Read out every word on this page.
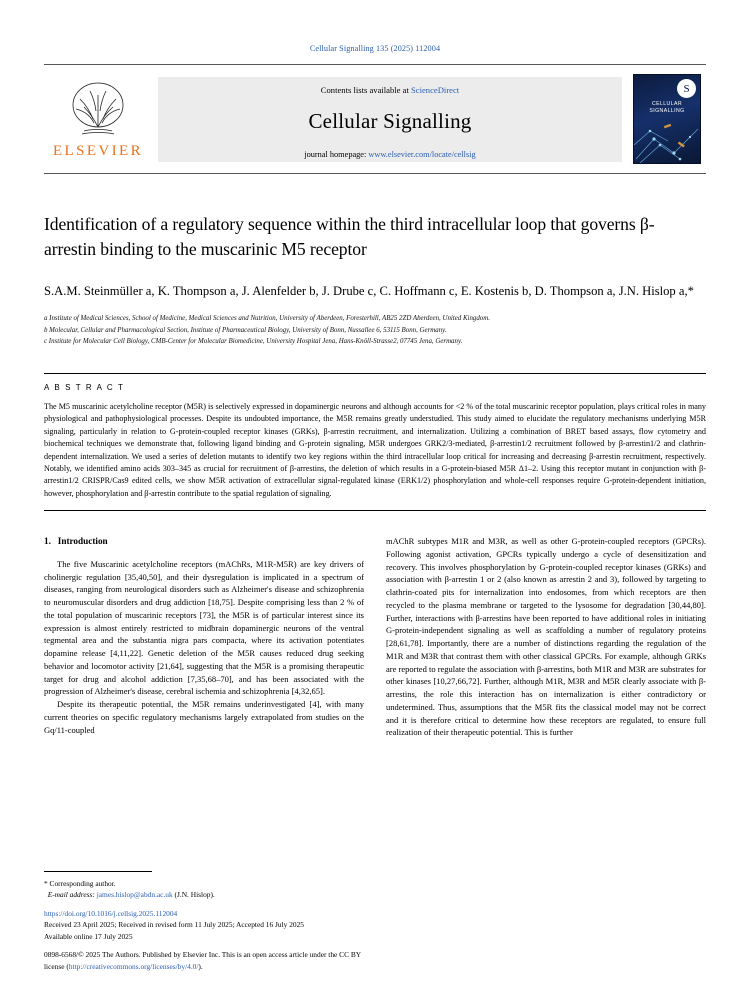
Cellular Signalling 135 (2025) 112004
ELSEVIER
Contents lists available at ScienceDirect
Cellular Signalling
journal homepage: www.elsevier.com/locate/cellsig
S
CELLULAR SIGNALLING
Identification of a regulatory sequence within the third intracellular loop that governs β-arrestin binding to the muscarinic M5 receptor
S.A.M. Steinmüller a, K. Thompson a, J. Alenfelder b, J. Drube c, C. Hoffmann c, E. Kostenis b, D. Thompson a, J.N. Hislop a,*
a Institute of Medical Sciences, School of Medicine, Medical Sciences and Nutrition, University of Aberdeen, Foresterhill, AB25 2ZD Aberdeen, United Kingdom.
b Molecular, Cellular and Pharmacological Section, Institute of Pharmaceutical Biology, University of Bonn, Nussallee 6, 53115 Bonn, Germany.
c Institute for Molecular Cell Biology, CMB-Center for Molecular Biomedicine, University Hospital Jena, Hans-Knöll-Strasse2, 07745 Jena, Germany.
A B S T R A C T
The M5 muscarinic acetylcholine receptor (M5R) is selectively expressed in dopaminergic neurons and although accounts for <2 % of the total muscarinic receptor population, plays critical roles in many physiological and pathophysiological processes. Despite its undoubted importance, the M5R remains greatly understudied. This study aimed to elucidate the regulatory mechanisms underlying M5R signaling, particularly in relation to G-protein-coupled receptor kinases (GRKs), β-arrestin recruitment, and internalization. Utilizing a combination of BRET based assays, flow cytometry and biochemical techniques we demonstrate that, following ligand binding and G-protein signaling, M5R undergoes GRK2/3-mediated, β-arrestin1/2 recruitment followed by β-arrestin1/2 and clathrin-dependent internalization. We used a series of deletion mutants to identify two key regions within the third intracellular loop critical for increasing and decreasing β-arrestin recruitment, respectively. Notably, we identified amino acids 303–345 as crucial for recruitment of β-arrestins, the deletion of which results in a G-protein-biased M5R Δ1–2. Using this receptor mutant in conjunction with β-arrestin1/2 CRISPR/Cas9 edited cells, we show M5R activation of extracellular signal-regulated kinase (ERK1/2) phosphorylation and whole-cell responses require G-protein-dependent initiation, however, phosphorylation and β-arrestin contribute to the spatial regulation of signaling.
1. Introduction

The five Muscarinic acetylcholine receptors (mAChRs, M1R-M5R) are key drivers of cholinergic regulation [35,40,50], and their dysregulation is implicated in a spectrum of diseases, ranging from neurological disorders such as Alzheimer's disease and schizophrenia to neuromuscular disorders and drug addiction [18,75]. Despite comprising less than 2 % of the total population of muscarinic receptors [73], the M5R is of particular interest since its expression is almost entirely restricted to midbrain dopaminergic neurons of the ventral tegmental area and the substantia nigra pars compacta, where its activation potentiates dopamine release [4,11,22]. Genetic deletion of the M5R causes reduced drug seeking behavior and locomotor activity [21,64], suggesting that the M5R is a promising therapeutic target for drug and alcohol addiction [7,35,68–70], and has been associated with the progression of Alzheimer's disease, cerebral ischemia and schizophrenia [4,32,65].

Despite its therapeutic potential, the M5R remains underinvestigated [4], with many current theories on specific regulatory mechanisms largely extrapolated from studies on the Gq/11-coupled

mAChR subtypes M1R and M3R, as well as other G-protein-coupled receptors (GPCRs). Following agonist activation, GPCRs typically undergo a cycle of desensitization and recovery. This involves phosphorylation by G-protein-coupled receptor kinases (GRKs) and association with β-arrestin 1 or 2 (also known as arrestin 2 and 3), followed by targeting to clathrin-coated pits for internalization into endosomes, from which receptors are then recycled to the plasma membrane or targeted to the lysosome for degradation [30,44,80]. Further, interactions with β-arrestins have been reported to have additional roles in initiating G-protein-independent signaling as well as scaffolding a number of regulatory proteins [28,61,78]. Importantly, there are a number of distinctions regarding the regulation of the M1R and M3R that contrast them with other classical GPCRs. For example, although GRKs are reported to regulate the association with β-arrestins, both M1R and M3R are substrates for other kinases [10,27,66,72]. Further, although M1R, M3R and M5R clearly associate with β-arrestins, the role this interaction has on internalization is either contradictory or undetermined. Thus, assumptions that the M5R fits the classical model may not be correct and it is therefore critical to determine how these receptors are regulated, to ensure full realization of their therapeutic potential. This is further

* Corresponding author.
E-mail address: james.hislop@abdn.ac.uk (J.N. Hislop).
https://doi.org/10.1016/j.cellsig.2025.112004
Received 23 April 2025; Received in revised form 11 July 2025; Accepted 16 July 2025
Available online 17 July 2025
0898-6568/© 2025 The Authors. Published by Elsevier Inc. This is an open access article under the CC BY license (http://creativecommons.org/licenses/by/4.0/).
